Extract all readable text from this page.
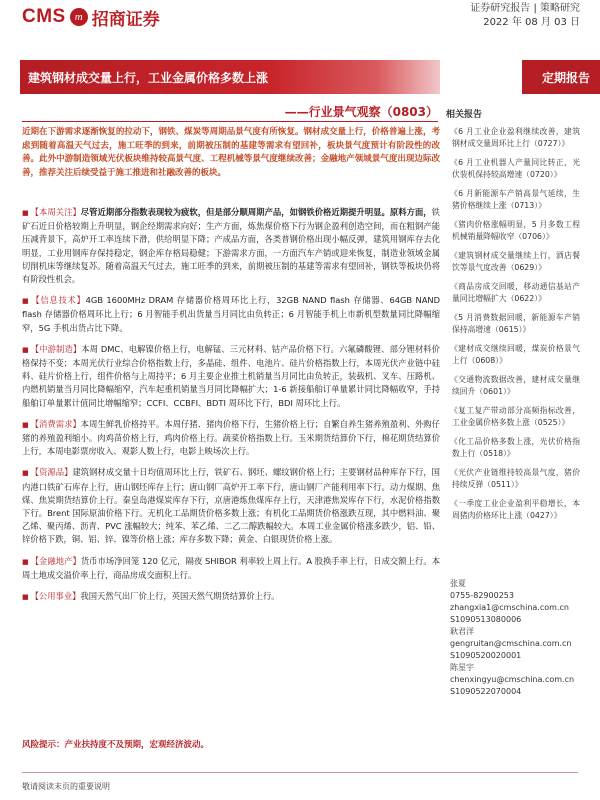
CMS m 招商证券
证券研究报告 | 策略研究
2022 年 08 月 03 日
建筑钢材成交量上行，工业金属价格多数上涨	定期报告
——行业景气观察（0803）
近期在下游需求逐渐恢复的拉动下，钢铁、煤炭等周期品景气度有所恢复。钢材成交量上行，价格普遍上涨，考虑到随着高温天气过去，施工旺季的到来，前期被压制的基建等需求有望回补，板块景气度预计有阶段性的改善。此外中游制造领域光伏板块维持较高景气度、工程机械等景气度继续改善；金融地产领域景气度出现边际改善，推荐关注后续受益于施工推进和社融改善的板块。
■ 【本周关注】尽管近期部分指数表现较为疲软，但是部分顺周期产品，如钢铁价格近期提升明显。原料方面，铁矿石近日价格较期上升明显，钢企经期需求向好；生产方面，炼焦煤价格下行为钢企盈利创造空间，而在粗钢产能压减背景下，高炉开工率连续下滑，供给明显下降；产成品方面，各类普钢价格出现小幅反弹，建筑用钢库存去化明显，工业用钢库存保持稳定，钢企库存格局稳健；下游需求方面，一方面汽车产销或迎来恢复，制造业领域金属切削机床等继续复苏。随着高温天气过去，施工旺季的到来，前期被压制的基建等需求有望回补，钢铁等板块仍将有阶段性机会。
■ 【信息技术】4GB 1600MHz DRAM 存储器价格周环比上行，32GB NAND flash 存储器、64GB NAND flash 存储器价格周环比上行；6 月智能手机出货量当月同比由负转正；6 月智能手机上市新机型数量同比降幅缩窄，5G 手机出货占比下降。
■ 【中游制造】本周 DMC、电解镍价格上行，电解锰、三元材料、钴产品价格下行。六氟磷酸锂、部分锂材料价格保持不变；本周光伏行业综合价格指数上行，多晶硅、组件、电池片、硅片价格指数上行，本周光伏产业链中硅料、硅片价格上行，组件价格与上周持平；6 月主要企业推土机销量当月同比由负转正，装载机、叉车、压路机、内燃机销量当月同比降幅缩窄，汽车起重机销量当月同比降幅扩大；1-6 新接船舶订单量累计同比降幅收窄，手持船舶订单量累计值同比增幅缩窄；CCFI、CCBFI、BDTI 周环比下行，BDI 周环比上行。
■ 【消费需求】本周生鲜乳价格持平。本周仔猪、猪肉价格下行，生猪价格上行；自繁自养生猪养殖盈利、外购仔猪的养殖盈利缩小。肉鸡苗价格上行，鸡肉价格上行。蔬菜价格指数上行。玉米期货结算价下行，棉花期货结算价上行，本周电影票房收入、观影人数上行，电影上映场次上行。
■ 【资源品】建筑钢材成交量十日均值周环比上行，铁矿石、钢坯、螺纹钢价格上行；主要钢材品种库存下行，国内港口铁矿石库存上行，唐山钢坯库存上行；唐山钢厂高炉开工率下行，唐山钢厂产能利用率下行。动力煤期、焦煤、焦炭期货结算价上行。秦皇岛港煤炭库存下行，京唐港炼焦煤库存上行，天津港焦炭库存下行，水泥价格指数下行。Brent 国际原油价格下行。无机化工品期货价格多数上涨；有机化工品期货价格涨跌互现，其中燃料油、聚乙烯、聚丙烯、沥青、PVC 涨幅较大；纯苯、苯乙烯、二乙二醇跌幅较大。本周工业金属价格涨多跌少，铝、铅、锌价格下跌，铜、铝、锌、镍等价格上涨；库存多数下降；黄金、白银现货价格上涨。
■ 【金融地产】货币市场净回笼 120 亿元，隔夜 SHIBOR 利率较上周上行。A 股换手率上行，日成交额上行。本周土地成交溢价率上行，商品房成交面积上行。
■ 【公用事业】我国天然气出厂价上行，英国天然气期货结算价上行。
风险提示：产业扶持度不及预期，宏观经济波动。
相关报告
《6 月工业企业盈利继续改善，建筑钢材成交量周环比上行（0727）》
《6 月工业机器人产量同比转正，光伏装机保持较高增速（0720）》
《6 月新能源车产销高景气延续，生猪价格继续上涨（0713）》
《猪肉价格涨幅明显，5 月多数工程机械销量降幅收窄（0706）》
《建筑钢材成交量继续上行，酒店餐饮等景气度改善（0629）》
《商品房成交回暖，移动通信基站产量同比增幅扩大（0622）》
《5 月消费数据回暖，新能源车产销保持高增速（0615）》
《建材成交继续回暖，煤炭价格景气上行（0608）》
《交通物流数据改善，建材成交量继续回升（0601）》
《复工复产带动部分高频指标改善，工业金属价格多数上涨（0525）》
《化工品价格多数上涨，光伏价格指数上行（0518）》
《光伏产业链维持较高景气度，猪价持续反弹（0511）》
《一季度工业企业盈利平稳增长，本周猪肉价格环比上涨（0427）》
张夏
0755-82900253
zhangxia1@cmschina.com.cn
S1090513080006
耿君洋
gengruitan@cmschina.com.cn
S1090520020001
陈星宇
chenxingyu@cmschina.com.cn
S1090522070004
敬请阅读末页的重要说明
